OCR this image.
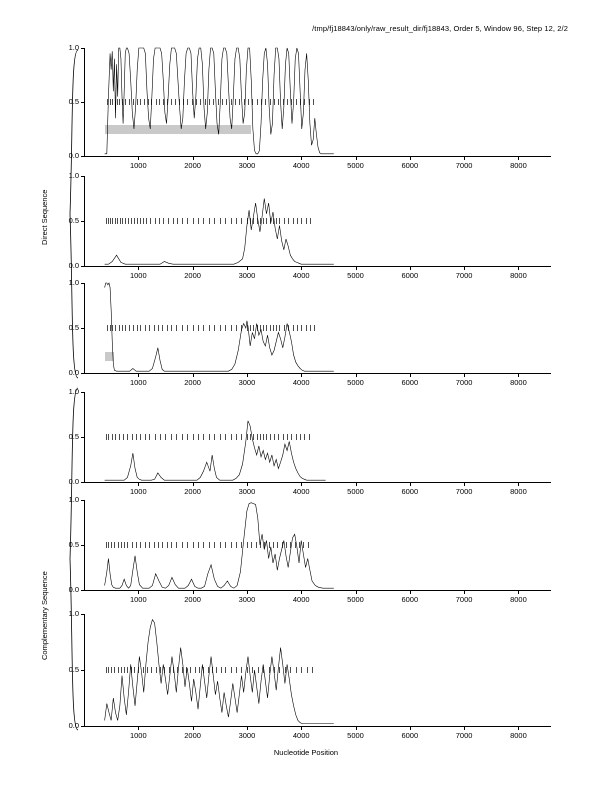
/tmp/fj18843/only/raw_result_dir/fj18843, Order 5, Window 96, Step 12, 2/2
Direct Sequence
Complementary Sequence
Nucleotide Position
0.0
0.5
1.0
1000	2000	3000	4000	5000	6000	7000	8000
0.0
0.5
1.0
1000	2000	3000	4000	5000	6000	7000	8000
0.0
0.5
1.0
1000	2000	3000	4000	5000	6000	7000	8000
0.0
0.5
1.0
1000	2000	3000	4000	5000	6000	7000	8000
0.0
0.5
1.0
1000	2000	3000	4000	5000	6000	7000	8000
0.0
0.5
1.0
1000	2000	3000	4000	5000	6000	7000	8000
